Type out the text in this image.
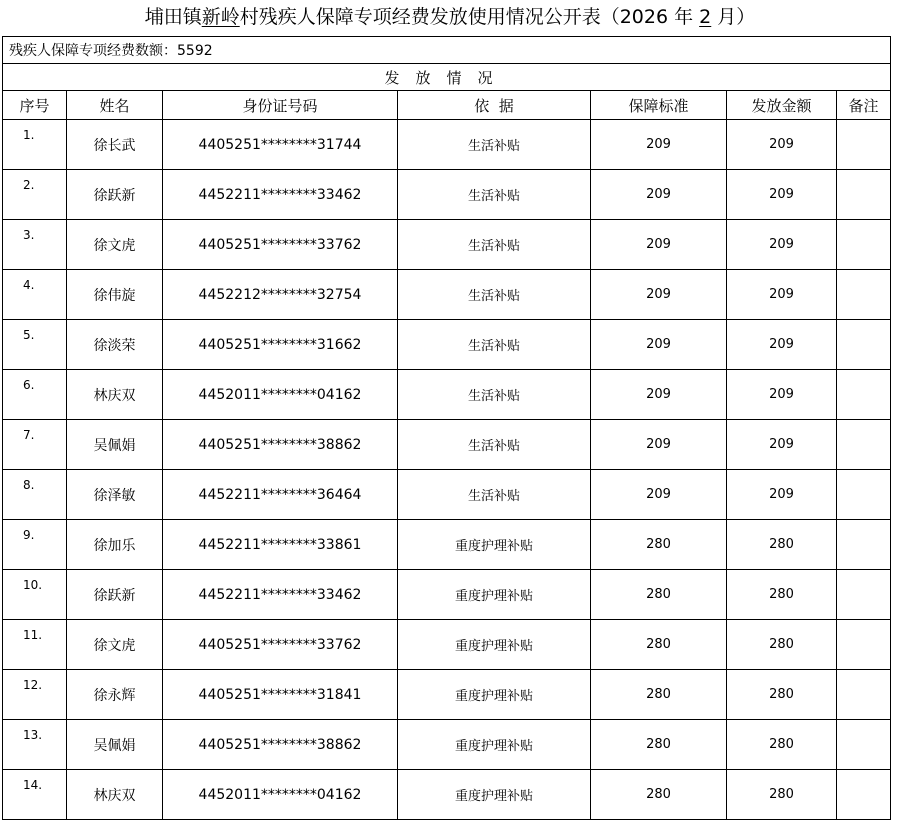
埔田镇新岭村残疾人保障专项经费发放使用情况公开表（2026 年 2 月）
残疾人保障专项经费数额：5592						
发放情况						
序号	姓名	身份证号码	依  据	保障标准	发放金额	备注
1.	徐长武	4405251********31744	生活补贴	209	209	
2.	徐跃新	4452211********33462	生活补贴	209	209	
3.	徐文虎	4405251********33762	生活补贴	209	209	
4.	徐伟旋	4452212********32754	生活补贴	209	209	
5.	徐淡荣	4405251********31662	生活补贴	209	209	
6.	林庆双	4452011********04162	生活补贴	209	209	
7.	吴佩娟	4405251********38862	生活补贴	209	209	
8.	徐泽敏	4452211********36464	生活补贴	209	209	
9.	徐加乐	4452211********33861	重度护理补贴	280	280	
10.	徐跃新	4452211********33462	重度护理补贴	280	280	
11.	徐文虎	4405251********33762	重度护理补贴	280	280	
12.	徐永辉	4405251********31841	重度护理补贴	280	280	
13.	吴佩娟	4405251********38862	重度护理补贴	280	280	
14.	林庆双	4452011********04162	重度护理补贴	280	280	
